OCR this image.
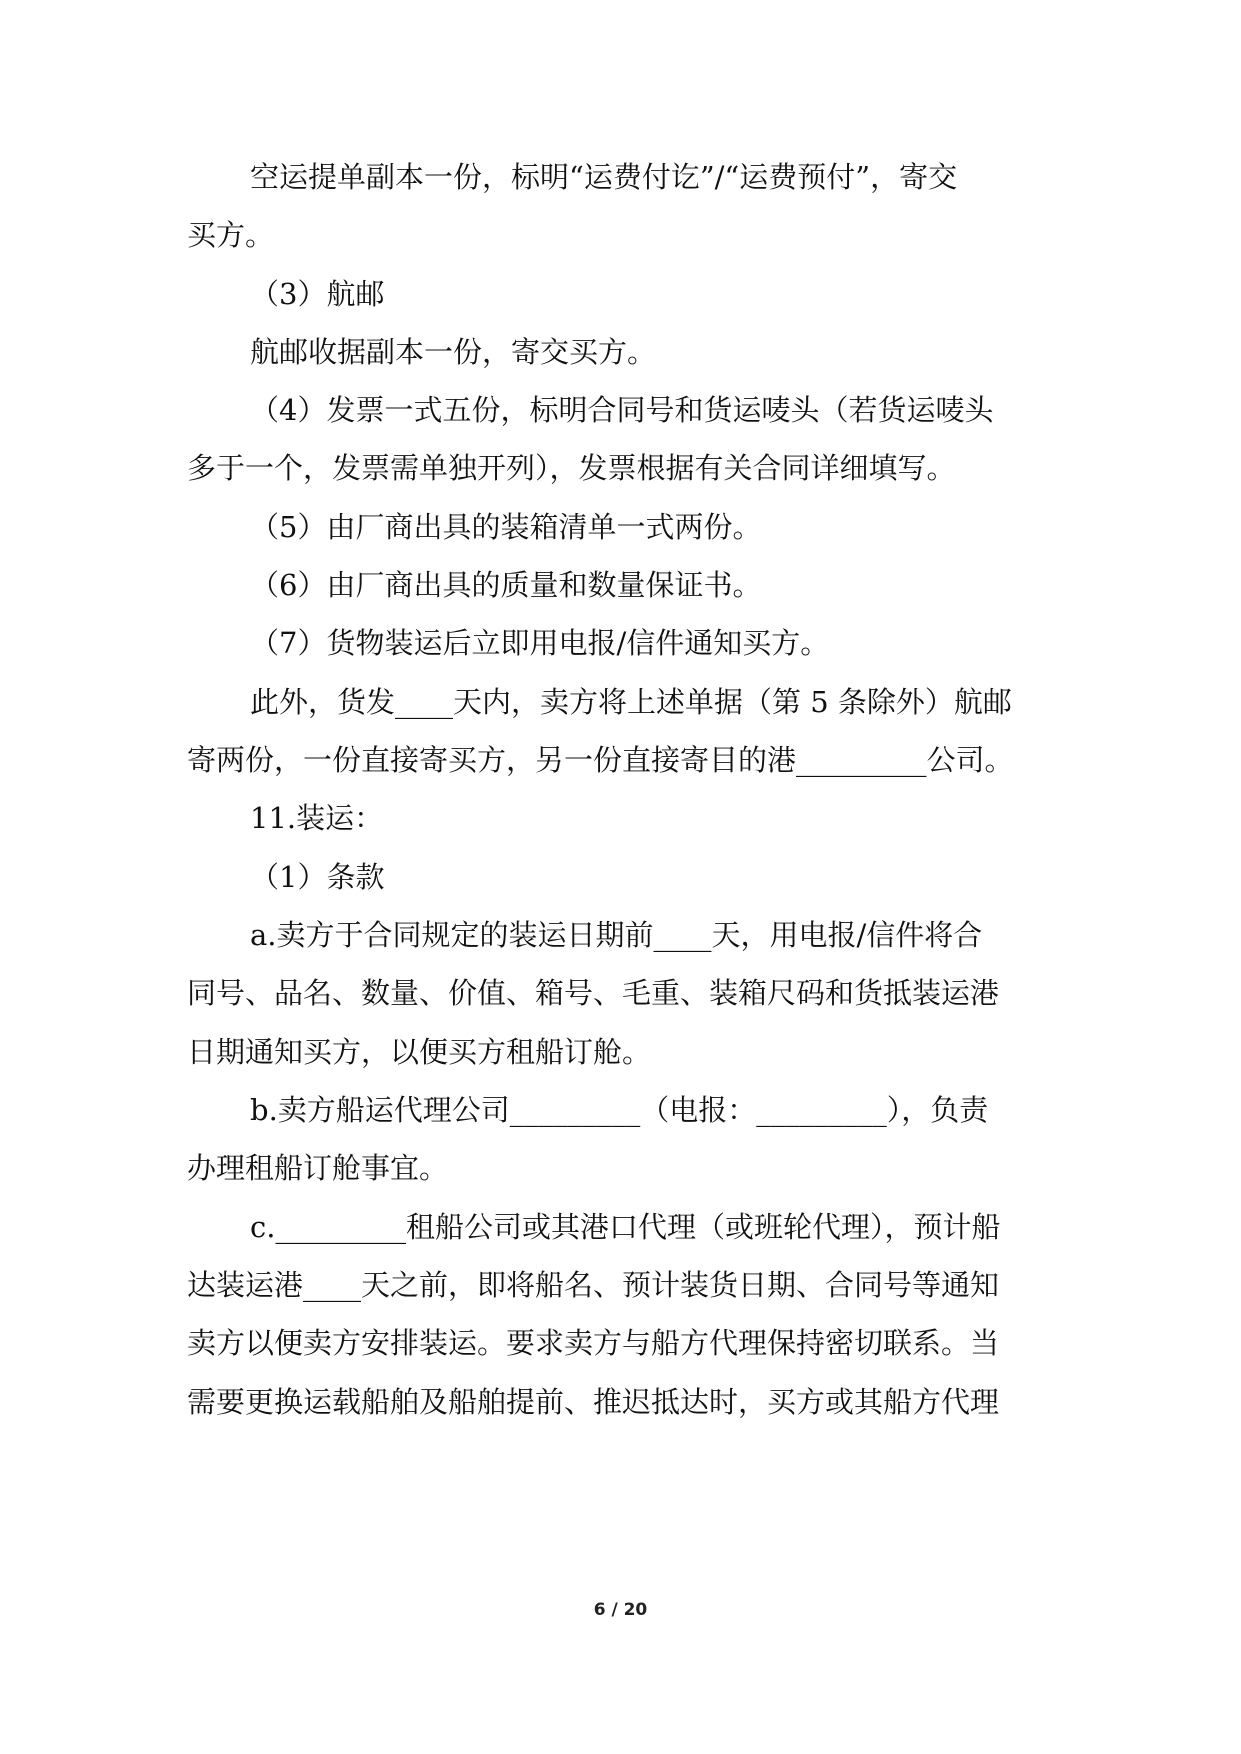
空运提单副本一份，标明“运费付讫”/“运费预付”，寄交
买方。
（3）航邮
航邮收据副本一份，寄交买方。
（4）发票一式五份，标明合同号和货运唛头（若货运唛头
多于一个，发票需单独开列），发票根据有关合同详细填写。
（5）由厂商出具的装箱清单一式两份。
（6）由厂商出具的质量和数量保证书。
（7）货物装运后立即用电报/信件通知买方。
此外，货发____天内，卖方将上述单据（第 5 条除外）航邮
寄两份，一份直接寄买方，另一份直接寄目的港_________公司。
11.装运：
（1）条款
a.卖方于合同规定的装运日期前____天，用电报/信件将合
同号、品名、数量、价值、箱号、毛重、装箱尺码和货抵装运港
日期通知买方，以便买方租船订舱。
b.卖方船运代理公司_________（电报：_________），负责
办理租船订舱事宜。
c._________租船公司或其港口代理（或班轮代理），预计船
达装运港____天之前，即将船名、预计装货日期、合同号等通知
卖方以便卖方安排装运。要求卖方与船方代理保持密切联系。当
需要更换运载船舶及船舶提前、推迟抵达时，买方或其船方代理
6 / 20
